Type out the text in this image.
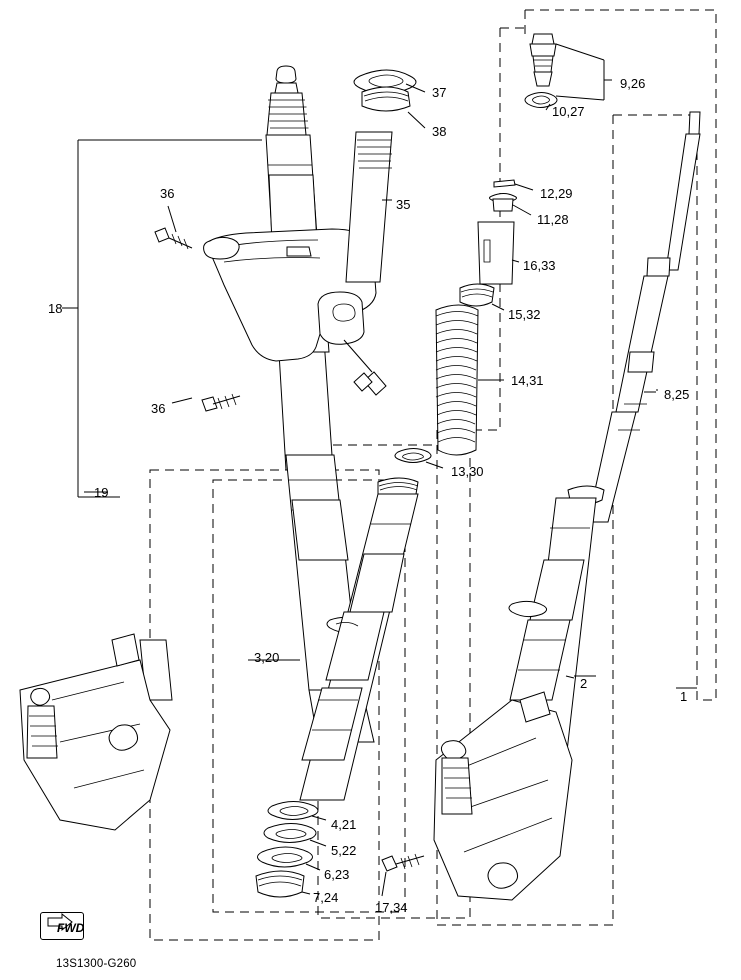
37
38
9,26
10,27
36
35
12,29
11,28
16,33
18	15,32
14,31
36
8,25
13,30
19
3,20
2
1
4,21
5,22
6,23
7,24
17,34
FWD
13S1300-G260
